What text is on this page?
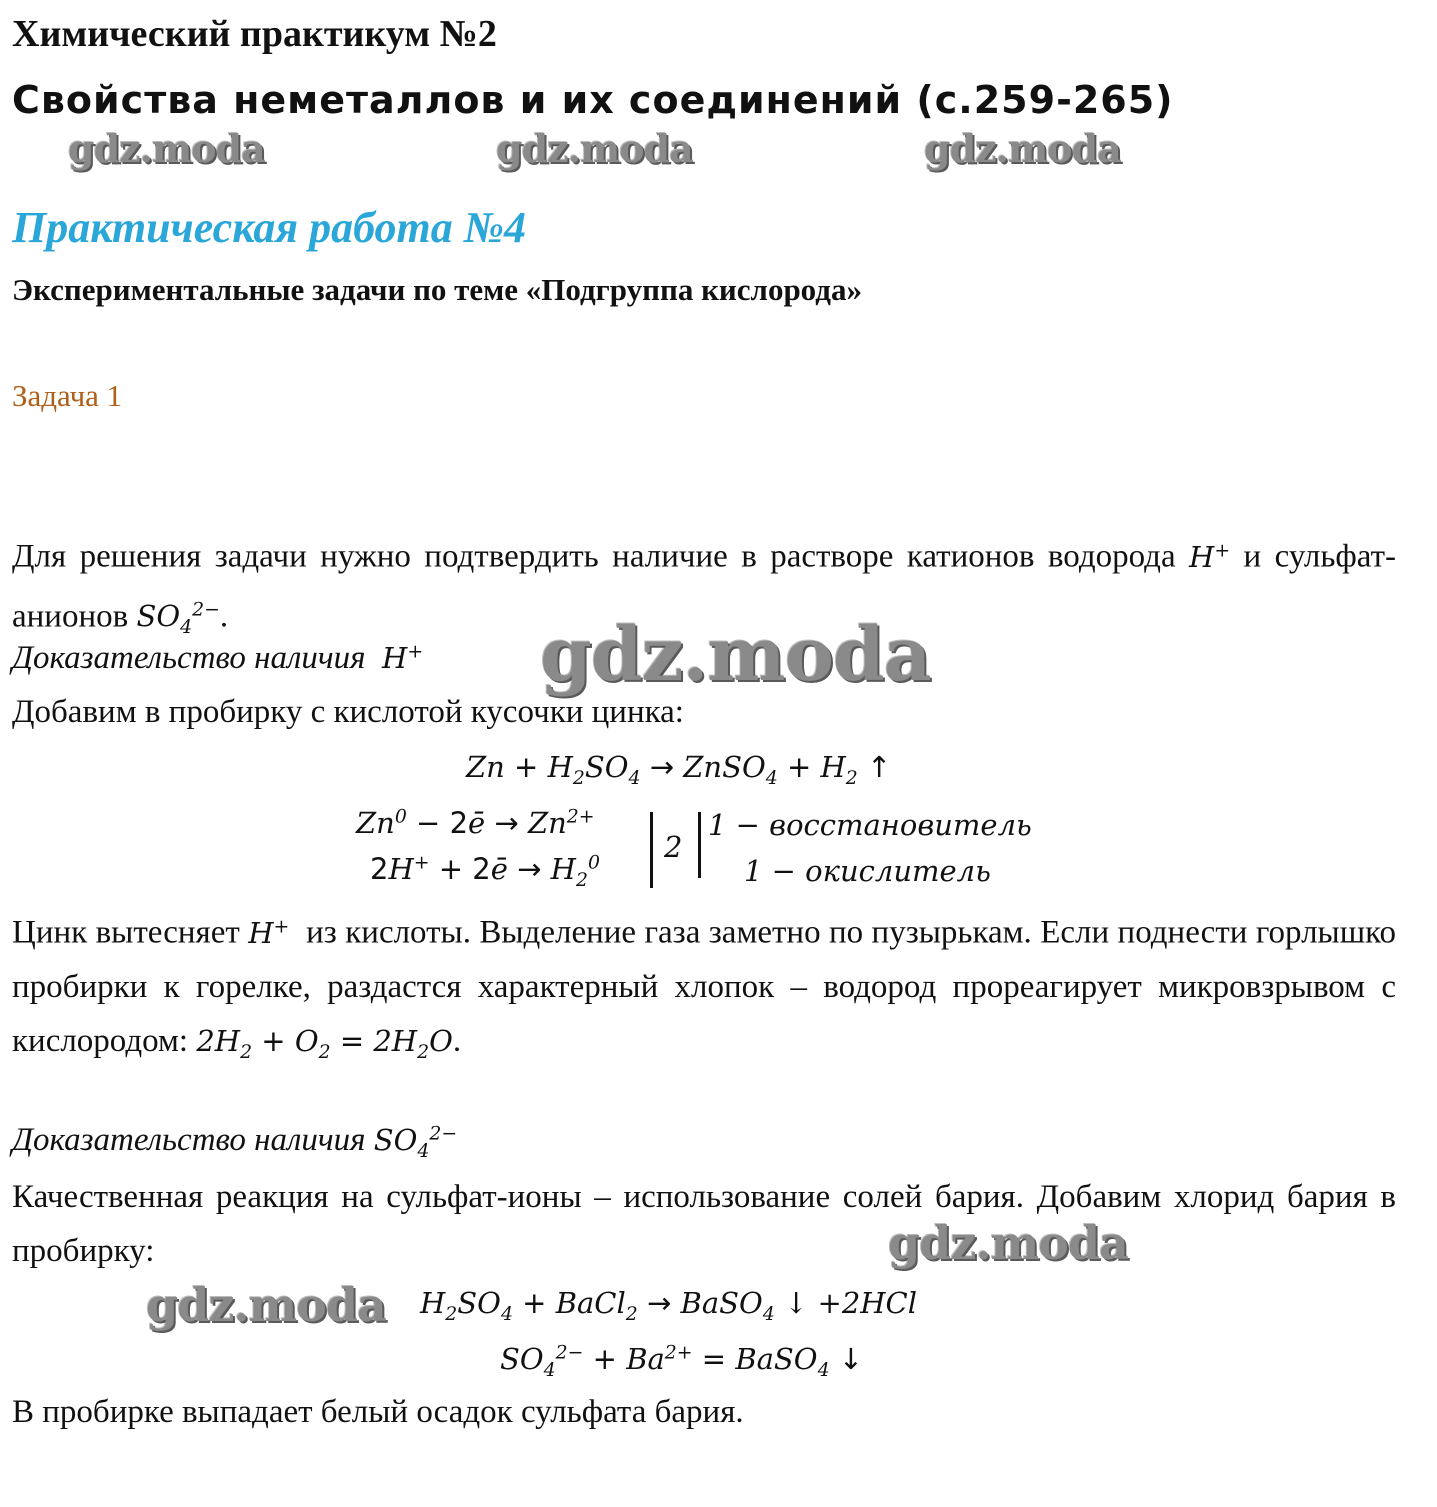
Химический практикум №2
Свойства неметаллов и их соединений (с.259-265)
gdz.moda	gdz.moda	gdz.moda
Практическая работа №4
Экспериментальные задачи по теме «Подгруппа кислорода»
Задача 1
Для решения задачи нужно подтвердить наличие в растворе катионов водорода H+ и сульфат-анионов $SO_4^{2-}$.
Доказательство наличия H+ gdz.moda
Добавим в пробирку с кислотой кусочки цинка:
$Zn + H_2SO_4$ → ZnSO$_4$ + $H_2$ ↑
$Zn^0$ − 2ē → $Zn^{2+}$
2H+ + 2ē → $H_2^0$ 2
1 − восстановитель
1 − окислитель
Цинк вытесняет H+ из кислоты. Выделение газа заметно по пузырькам. Если поднести горлышко пробирки к горелке, раздастся характерный хлопок – водород прореагирует микровзрывом с кислородом: $2H_2 + O_2 = 2H_2O$.
Доказательство наличия $SO_4^{2-}$
Качественная реакция на сульфат-ионы – использование солей бария. Добавим хлорид бария в пробирку:	gdz.moda
gdz.moda $H_2SO_4$ + BaCl$_2$ → BaSO$_4$ ↓ +2HCl
$SO_4^{2-} + Ba^{2+}$ = BaSO$_4$ ↓
В пробирке выпадает белый осадок сульфата бария.
